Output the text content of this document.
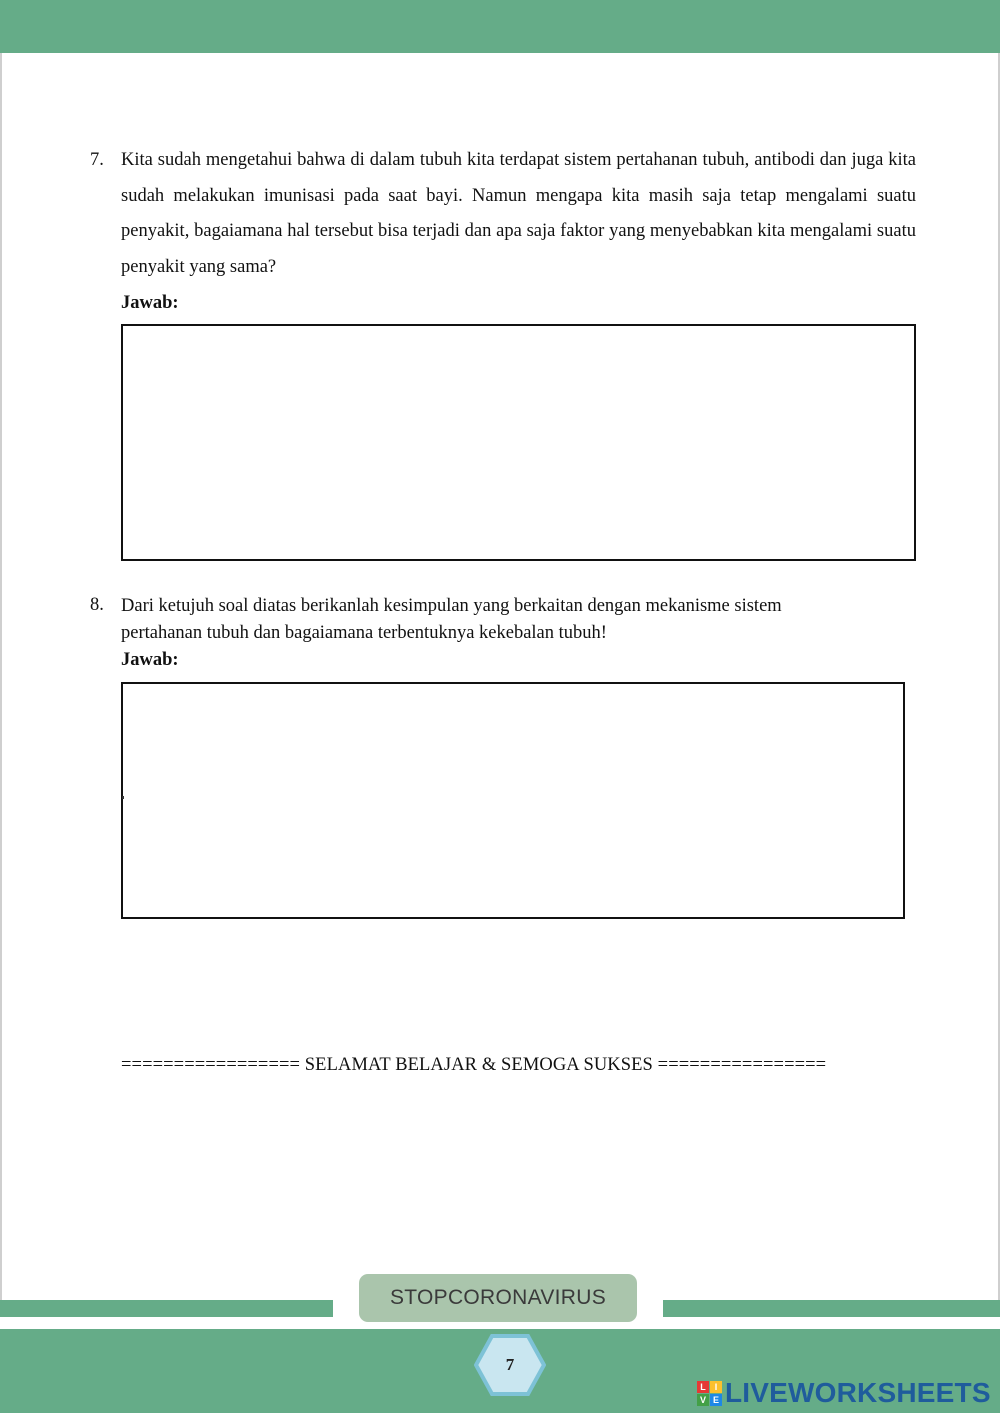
7. Kita sudah mengetahui bahwa di dalam tubuh kita terdapat sistem pertahanan tubuh, antibodi dan juga kita sudah melakukan imunisasi pada saat bayi. Namun mengapa kita masih saja tetap mengalami suatu penyakit, bagaiamana hal tersebut bisa terjadi dan apa saja faktor yang menyebabkan kita mengalami suatu penyakit yang sama?
Jawab:
8. Dari ketujuh soal diatas berikanlah kesimpulan yang berkaitan dengan mekanisme sistem pertahanan tubuh dan bagaiamana terbentuknya kekebalan tubuh!
Jawab:
================= SELAMAT BELAJAR & SEMOGA SUKSES ================
STOPCORONAVIRUS
7
L I
V E LIVEWORKSHEETS
